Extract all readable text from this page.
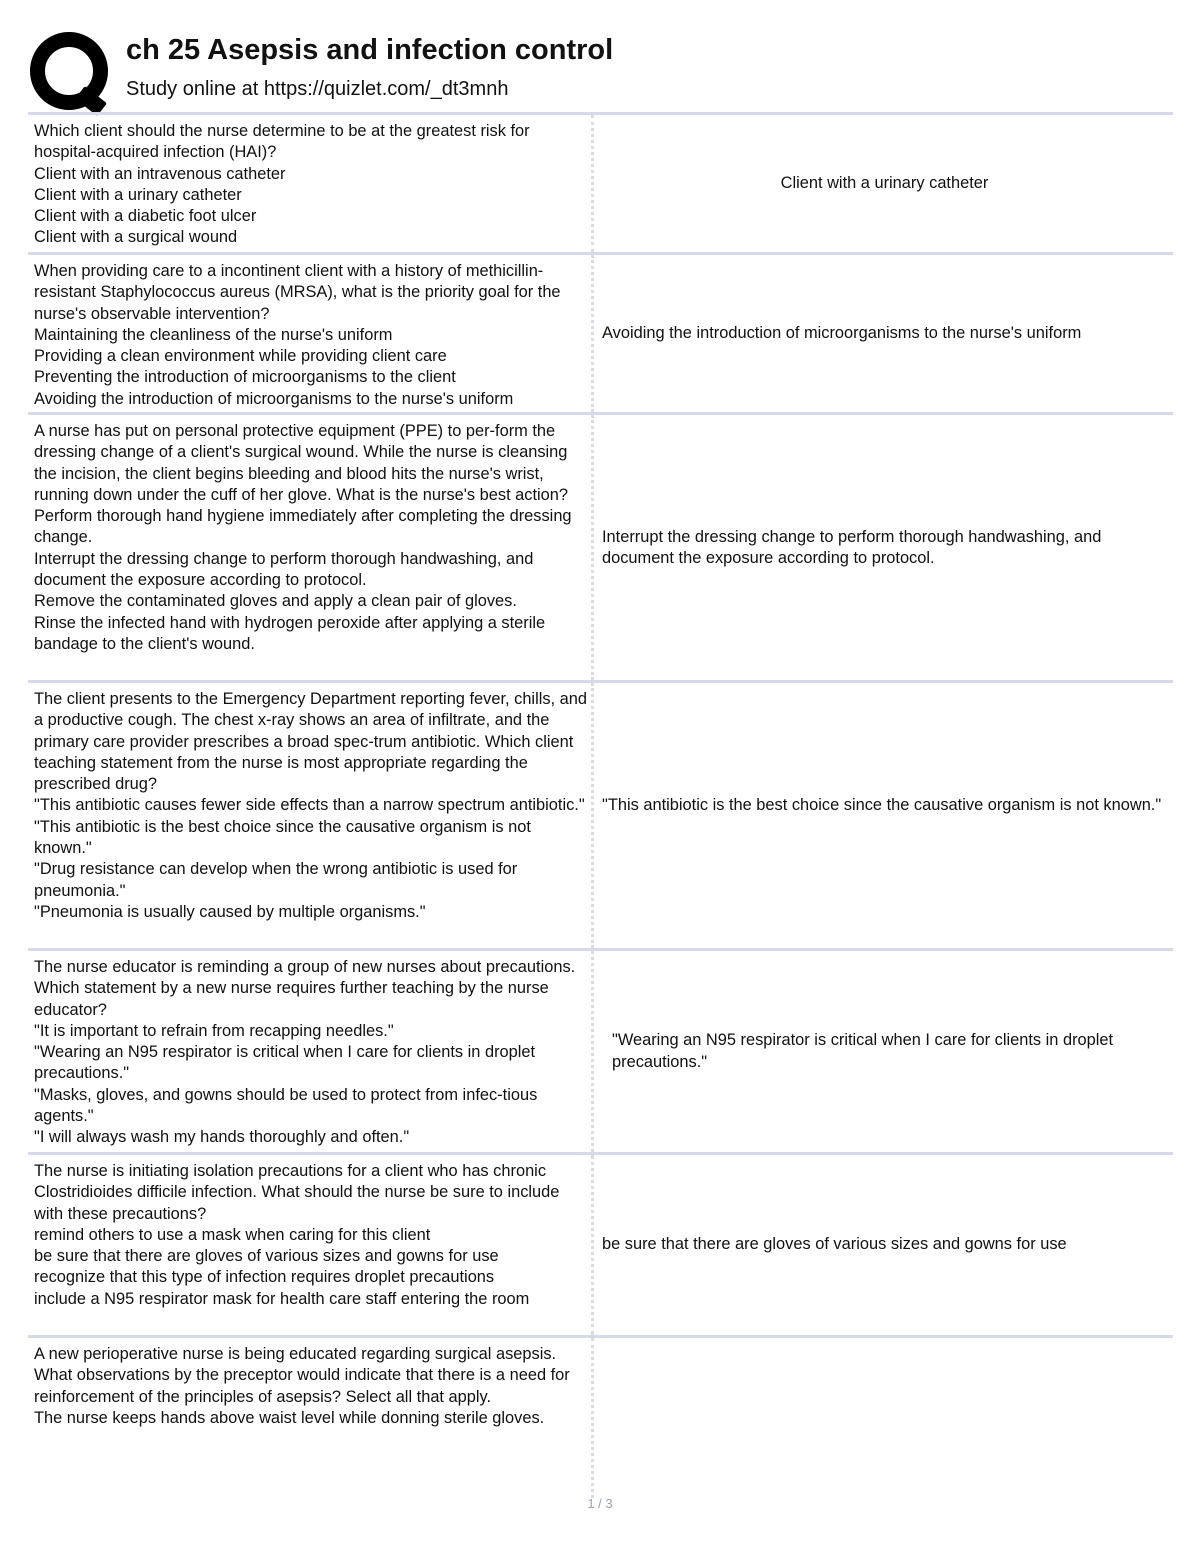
ch 25 Asepsis and infection control
Study online at https://quizlet.com/_dt3mnh
Which client should the nurse determine to be at the greatest risk for hospital-acquired infection (HAI)?
Client with an intravenous catheter
Client with a urinary catheter
Client with a diabetic foot ulcer
Client with a surgical wound
Client with a urinary catheter
When providing care to a incontinent client with a history of methicillin-resistant Staphylococcus aureus (MRSA), what is the priority goal for the nurse's observable intervention?
Maintaining the cleanliness of the nurse's uniform
Providing a clean environment while providing client care
Preventing the introduction of microorganisms to the client
Avoiding the introduction of microorganisms to the nurse's uniform
Avoiding the introduction of microorganisms to the nurse's uniform
A nurse has put on personal protective equipment (PPE) to per-form the dressing change of a client's surgical wound. While the nurse is cleansing the incision, the client begins bleeding and blood hits the nurse's wrist, running down under the cuff of her glove. What is the nurse's best action?
Perform thorough hand hygiene immediately after completing the dressing change.
Interrupt the dressing change to perform thorough handwashing, and document the exposure according to protocol.
Remove the contaminated gloves and apply a clean pair of gloves.
Rinse the infected hand with hydrogen peroxide after applying a sterile bandage to the client's wound.
Interrupt the dressing change to perform thorough handwashing, and document the exposure according to protocol.
The client presents to the Emergency Department reporting fever, chills, and a productive cough. The chest x-ray shows an area of infiltrate, and the primary care provider prescribes a broad spec-trum antibiotic. Which client teaching statement from the nurse is most appropriate regarding the prescribed drug?
"This antibiotic causes fewer side effects than a narrow spectrum antibiotic."
"This antibiotic is the best choice since the causative organism is not known."
"Drug resistance can develop when the wrong antibiotic is used for pneumonia."
"Pneumonia is usually caused by multiple organisms."
"This antibiotic is the best choice since the causative organism is not known."
The nurse educator is reminding a group of new nurses about precautions. Which statement by a new nurse requires further teaching by the nurse educator?
"It is important to refrain from recapping needles."
"Wearing an N95 respirator is critical when I care for clients in droplet precautions."
"Masks, gloves, and gowns should be used to protect from infec-tious agents."
"I will always wash my hands thoroughly and often."
"Wearing an N95 respirator is critical when I care for clients in droplet precautions."
The nurse is initiating isolation precautions for a client who has chronic Clostridioides difficile infection. What should the nurse be sure to include with these precautions?
remind others to use a mask when caring for this client
be sure that there are gloves of various sizes and gowns for use
recognize that this type of infection requires droplet precautions
include a N95 respirator mask for health care staff entering the room
be sure that there are gloves of various sizes and gowns for use
A new perioperative nurse is being educated regarding surgical asepsis. What observations by the preceptor would indicate that there is a need for reinforcement of the principles of asepsis? Select all that apply.
The nurse keeps hands above waist level while donning sterile gloves.
1 / 3
